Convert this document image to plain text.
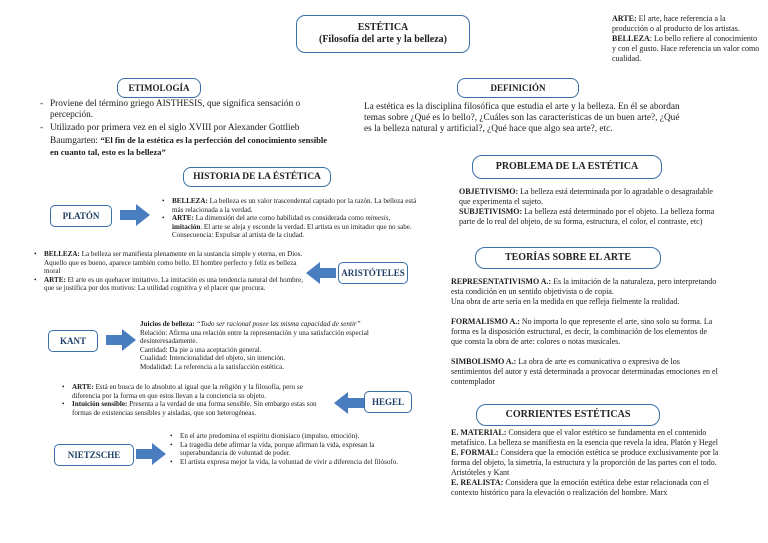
ESTÉTICA
(Filosofía del arte y la belleza)
ARTE: El arte, hace referencia a la producción o al producto de los artistas.
BELLEZA: Lo bello refiere al conocimiento y con el gusto. Hace referencia un valor como cualidad.
ETIMOLOGÍA
- Proviene del término griego AISTHESIS, que significa sensación o percepción.
- Utilizado por primera vez en el siglo XVIII por Alexander Gottlieb Baumgarten: “El fin de la estética es la perfección del conocimiento sensible en cuanto tal, esto es la belleza”
DEFINICIÓN
La estética es la disciplina filosófica que estudia el arte y la belleza. En él se abordan temas sobre ¿Qué es lo bello?, ¿Cuáles son las características de un buen arte?, ¿Qué es la belleza natural y artificial?, ¿Qué hace que algo sea arte?, etc.
HISTORIA DE LA ÉSTÉTICA
PLATÓN
• BELLEZA: La belleza es un valor trascendental captado por la razón. La belleza está más relacionada a la verdad.
• ARTE: La dimensión del arte como habilidad es considerada como mimesis, imitación. El arte se aleja y esconde la verdad. El artista es un imitador que no sabe. Consecuencia: Expulsar al artista de la ciudad.
• BELLEZA: La belleza ser manifiesta plenamente en la sustancia simple y eterna, en Dios. Aquello que es bueno, aparece también como bello. El hombre perfecto y feliz es belleza moral
• ARTE: El arte es un quehacer imitativo. La imitación es una tendencia natural del hombre, que se justifica por dos motivos: La utilidad cognitiva y el placer que procura.
ARISTÓTELES
KANT
Juicios de belleza: “Todo ser racional posee las misma capacidad de sentir”
Relación: Afirma una relación entre la representación y una satisfacción especial desinteresadamente.
Cantidad: Da pie a una aceptación general.
Cualidad: Intencionalidad del objeto, sin intención.
Modalidad: La referencia a la satisfacción estética.
• ARTE: Está en busca de lo absoluto al igual que la religión y la filosofía, pero se diferencia por la forma en que estos llevan a la conciencia su objeto.
• Intuición sensible: Presenta a la verdad de una forma sensible. Sin embargo estas son formas de existencias sensibles y aisladas, que son heterogéneas.
HEGEL
NIETZSCHE
• En el arte predomina el espíritu dionisiaco (impulso, emoción).
• La tragedia debe afirmar la vida, porque afirman la vida, expresan la superabundancia de voluntad de poder.
• El artista expresa mejor la vida, la voluntad de vivir a diferencia del filósofo.
PROBLEMA DE LA ESTÉTICA
OBJETIVISMO: La belleza está determinada por lo agradable o desagradable que experimenta el sujeto.
SUBJETIVISMO: La belleza está determinado por el objeto. La belleza forma parte de lo real del objeto, de su forma, estructura, el color, el contraste, etc)
TEORÍAS SOBRE EL ARTE
REPRESENTATIVISMO A.: Es la imitación de la naturaleza, pero interpretando esta condición en un sentido objetivista o de copia.
Una obra de arte sería en la medida en que refleja fielmente la realidad.
FORMALISMO A.: No importa lo que represente el arte, sino solo su forma. La forma es la disposición estructural, es decir, la combinación de los elementos de que consta la obra de arte: colores o notas musicales.
SIMBOLISMO A.: La obra de arte es comunicativa o expresiva de los sentimientos del autor y está determinada a provocar determinadas emociones en el contemplador
CORRIENTES ESTÉTICAS
E. MATERIAL: Considera que el valor estético se fundamenta en el contenido metafísico. La belleza se manifiesta en la esencia que revela la idea. Platón y Hegel
E. FORMAL: Considera que la emoción estética se produce exclusivamente por la forma del objeto, la simetría, la estructura y la proporción de las partes con el todo. Aristóteles y Kant
E. REALISTA: Considera que la emoción estética debe estar relacionada con el contexto histórico para la elevación o realización del hombre. Marx
